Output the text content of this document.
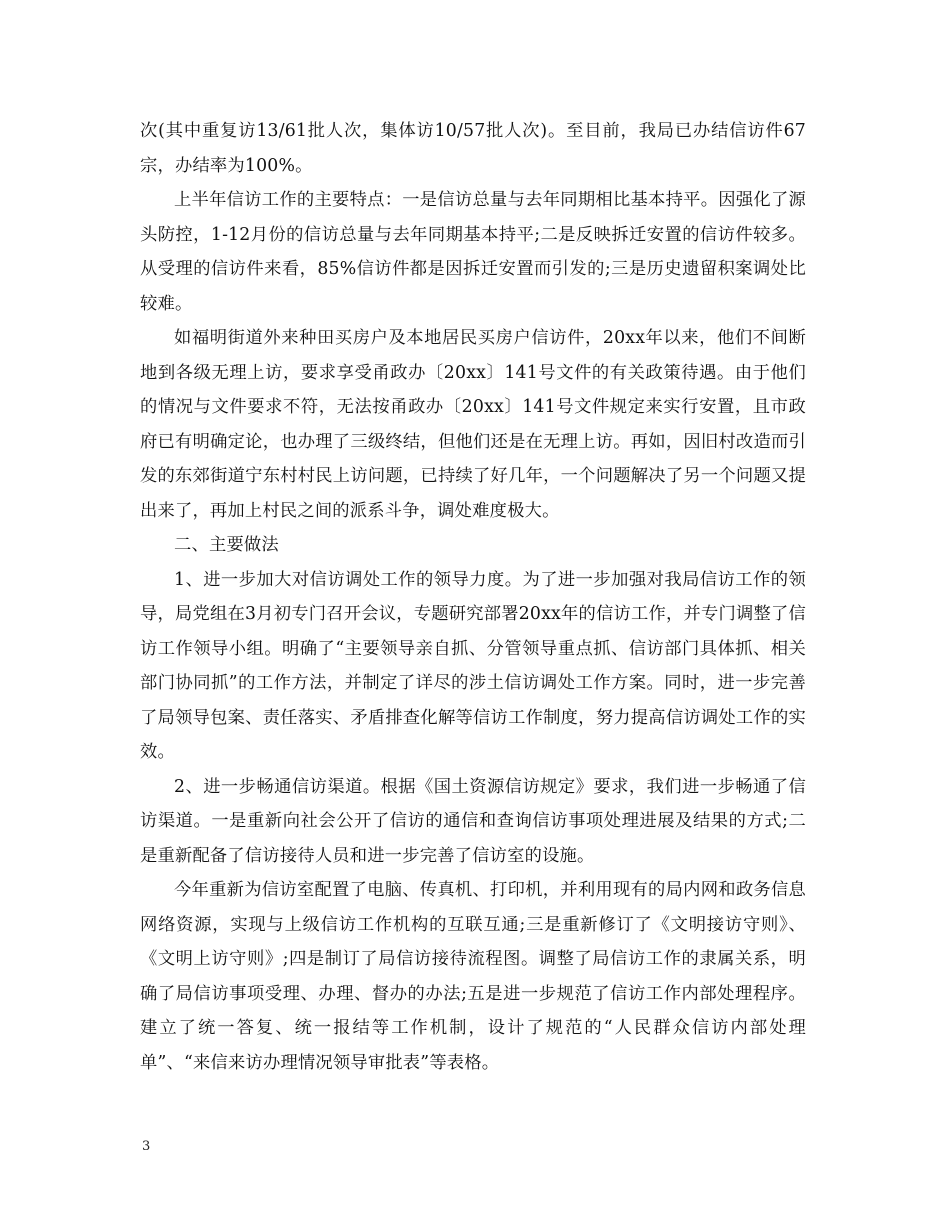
次(其中重复访13/61批人次，集体访10/57批人次)。至目前，我局已办结信访件67宗，办结率为100%。

上半年信访工作的主要特点：一是信访总量与去年同期相比基本持平。因强化了源头防控，1-12月份的信访总量与去年同期基本持平;二是反映拆迁安置的信访件较多。从受理的信访件来看，85%信访件都是因拆迁安置而引发的;三是历史遗留积案调处比较难。

如福明街道外来种田买房户及本地居民买房户信访件，20xx年以来，他们不间断地到各级无理上访，要求享受甬政办〔20xx〕141号文件的有关政策待遇。由于他们的情况与文件要求不符，无法按甬政办〔20xx〕141号文件规定来实行安置，且市政府已有明确定论，也办理了三级终结，但他们还是在无理上访。再如，因旧村改造而引发的东郊街道宁东村村民上访问题，已持续了好几年，一个问题解决了另一个问题又提出来了，再加上村民之间的派系斗争，调处难度极大。

二、主要做法

1、进一步加大对信访调处工作的领导力度。为了进一步加强对我局信访工作的领导，局党组在3月初专门召开会议，专题研究部署20xx年的信访工作，并专门调整了信访工作领导小组。明确了“主要领导亲自抓、分管领导重点抓、信访部门具体抓、相关部门协同抓”的工作方法，并制定了详尽的涉土信访调处工作方案。同时，进一步完善了局领导包案、责任落实、矛盾排查化解等信访工作制度，努力提高信访调处工作的实效。

2、进一步畅通信访渠道。根据《国土资源信访规定》要求，我们进一步畅通了信访渠道。一是重新向社会公开了信访的通信和查询信访事项处理进展及结果的方式;二是重新配备了信访接待人员和进一步完善了信访室的设施。

今年重新为信访室配置了电脑、传真机、打印机，并利用现有的局内网和政务信息网络资源，实现与上级信访工作机构的互联互通;三是重新修订了《文明接访守则》、《文明上访守则》;四是制订了局信访接待流程图。调整了局信访工作的隶属关系，明确了局信访事项受理、办理、督办的办法;五是进一步规范了信访工作内部处理程序。建立了统一答复、统一报结等工作机制，设计了规范的“人民群众信访内部处理单”、“来信来访办理情况领导审批表”等表格。

3
